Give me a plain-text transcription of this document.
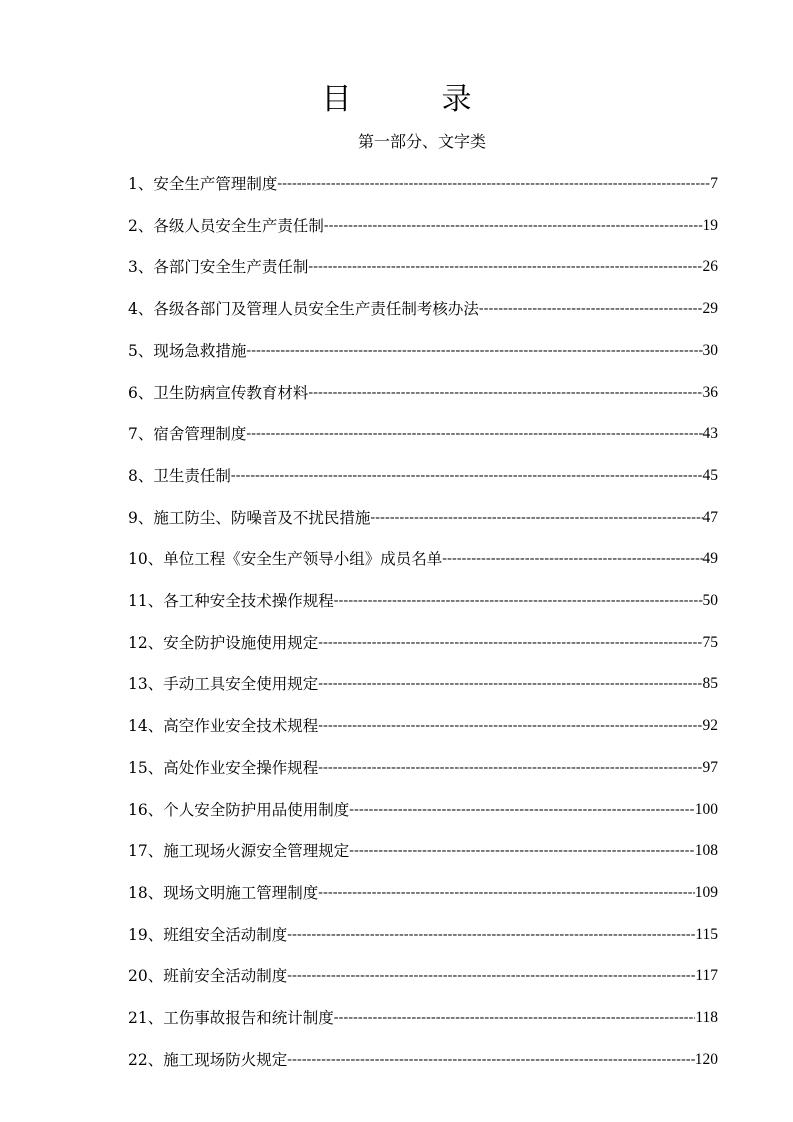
目　录
第一部分、文字类
1、安全生产管理制度 -----	7
2、各级人员安全生产责任制 -----	19
3、各部门安全生产责任制 -----	26
4、各级各部门及管理人员安全生产责任制考核办法 -----	29
5、现场急救措施 -----	30
6、卫生防病宣传教育材料 -----	36
7、宿舍管理制度 -----	43
8、卫生责任制 -----	45
9、施工防尘、防噪音及不扰民措施 -----	47
10、单位工程《安全生产领导小组》成员名单 -----	49
11、各工种安全技术操作规程 -----	50
12、安全防护设施使用规定 -----	75
13、手动工具安全使用规定 -----	85
14、高空作业安全技术规程 -----	92
15、高处作业安全操作规程 -----	97
16、个人安全防护用品使用制度 -----	100
17、施工现场火源安全管理规定 -----	108
18、现场文明施工管理制度 -----	109
19、班组安全活动制度 -----	115
20、班前安全活动制度 -----	117
21、工伤事故报告和统计制度 -----	118
22、施工现场防火规定 -----	120
